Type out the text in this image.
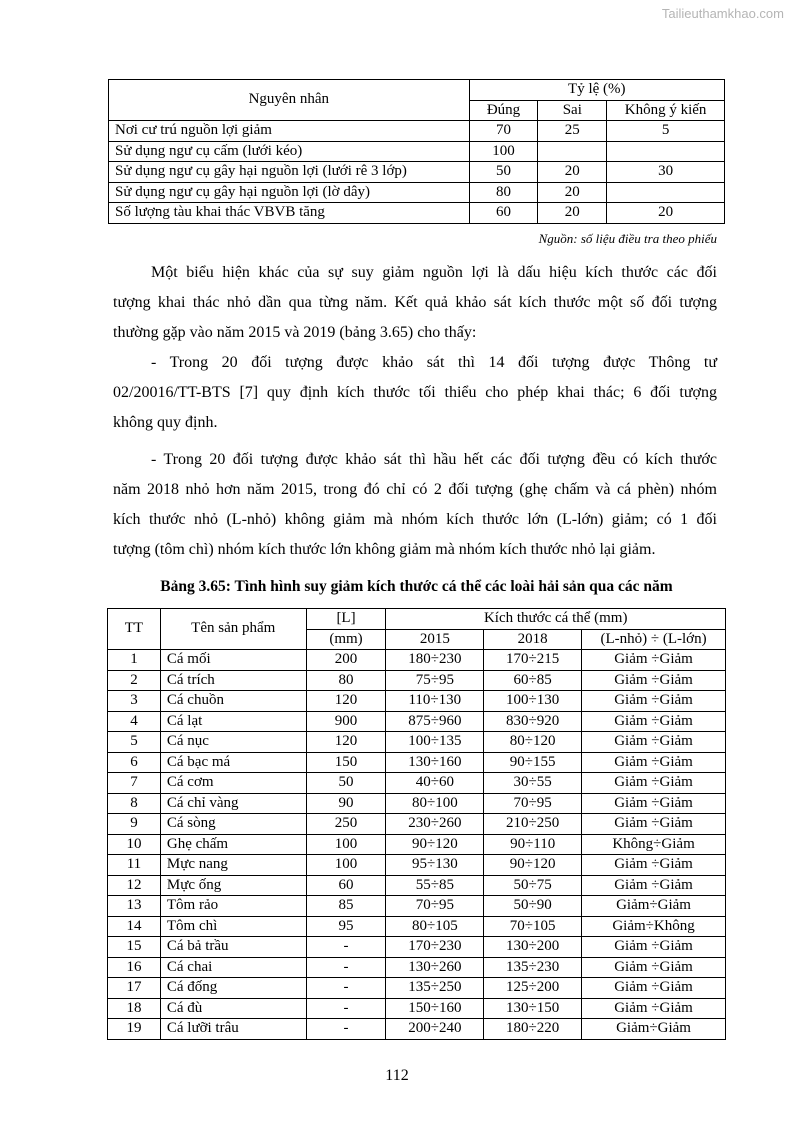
Tailieuthamkhao.com
Nguyên nhân	Tỷ lệ (%)		
	Đúng	Sai	Không ý kiến
Nơi cư trú nguồn lợi giảm	70	25	5
Sử dụng ngư cụ cấm (lưới kéo)	100		
Sử dụng ngư cụ gây hại nguồn lợi (lưới rê 3 lớp)	50	20	30
Sử dụng ngư cụ gây hại nguồn lợi (lờ dây)	80	20	
Số lượng tàu khai thác VBVB tăng	60	20	20
Nguồn: số liệu điều tra theo phiếu
Một biểu hiện khác của sự suy giảm nguồn lợi là dấu hiệu kích thước các đối
tượng khai thác nhỏ dần qua từng năm. Kết quả khảo sát kích thước một số đối tượng
thường gặp vào năm 2015 và 2019 (bảng 3.65) cho thấy:
- Trong 20 đối tượng được khảo sát thì 14 đối tượng được Thông tư
02/20016/TT-BTS [7] quy định kích thước tối thiểu cho phép khai thác; 6 đối tượng
không quy định.
- Trong 20 đối tượng được khảo sát thì hầu hết các đối tượng đều có kích thước
năm 2018 nhỏ hơn năm 2015, trong đó chỉ có 2 đối tượng (ghẹ chấm và cá phèn) nhóm
kích thước nhỏ (L-nhỏ) không giảm mà nhóm kích thước lớn (L-lớn) giảm; có 1 đối
tượng (tôm chì) nhóm kích thước lớn không giảm mà nhóm kích thước nhỏ lại giảm.
Bảng 3.65: Tình hình suy giảm kích thước cá thể các loài hải sản qua các năm
TT	Tên sản phẩm	[L]	Kích thước cá thể (mm)		
		(mm)	2015	2018	(L-nhỏ) ÷ (L-lớn)
1	Cá mối	200	180÷230	170÷215	Giảm ÷Giảm
2	Cá trích	80	75÷95	60÷85	Giảm ÷Giảm
3	Cá chuồn	120	110÷130	100÷130	Giảm ÷Giảm
4	Cá lạt	900	875÷960	830÷920	Giảm ÷Giảm
5	Cá nục	120	100÷135	80÷120	Giảm ÷Giảm
6	Cá bạc má	150	130÷160	90÷155	Giảm ÷Giảm
7	Cá cơm	50	40÷60	30÷55	Giảm ÷Giảm
8	Cá chỉ vàng	90	80÷100	70÷95	Giảm ÷Giảm
9	Cá sòng	250	230÷260	210÷250	Giảm ÷Giảm
10	Ghẹ chấm	100	90÷120	90÷110	Không÷Giảm
11	Mực nang	100	95÷130	90÷120	Giảm ÷Giảm
12	Mực ống	60	55÷85	50÷75	Giảm ÷Giảm
13	Tôm rảo	85	70÷95	50÷90	Giảm÷Giảm
14	Tôm chì	95	80÷105	70÷105	Giảm÷Không
15	Cá bả trầu	-	170÷230	130÷200	Giảm ÷Giảm
16	Cá chai	-	130÷260	135÷230	Giảm ÷Giảm
17	Cá đống	-	135÷250	125÷200	Giảm ÷Giảm
18	Cá đù	-	150÷160	130÷150	Giảm ÷Giảm
19	Cá lưỡi trâu	-	200÷240	180÷220	Giảm÷Giảm
112
